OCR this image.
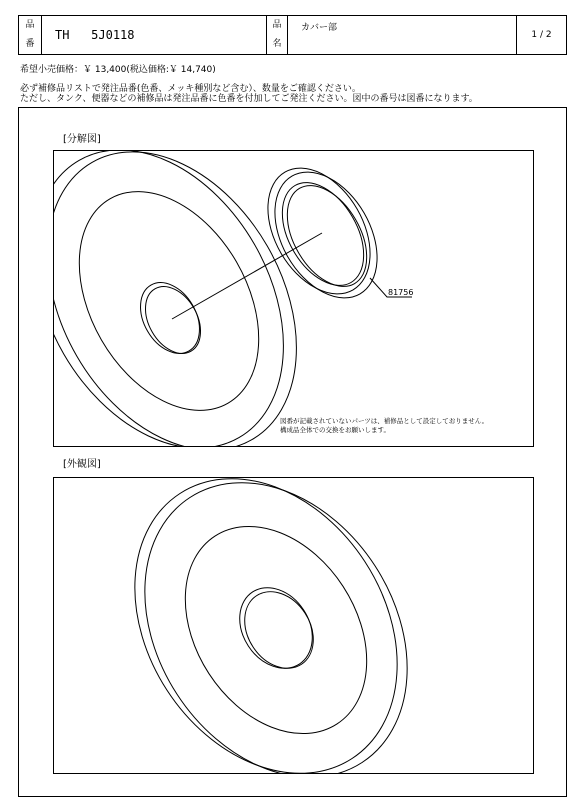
品
番
TH 5J0118
品
名
カバー部
1 / 2
希望小売価格：￥ 13,400(税込価格:￥ 14,740)
必ず補修品リストで発注品番(色番、メッキ種別など含む）、数量をご確認ください。
ただし、タンク、便器などの補修品は発注品番に色番を付加してご発注ください。図中の番号は図番になります。
[分解図]
81756
図番が記載されていないパーツは、補修品として設定しておりません。
構成品全体での交換をお願いします。
[外観図]
